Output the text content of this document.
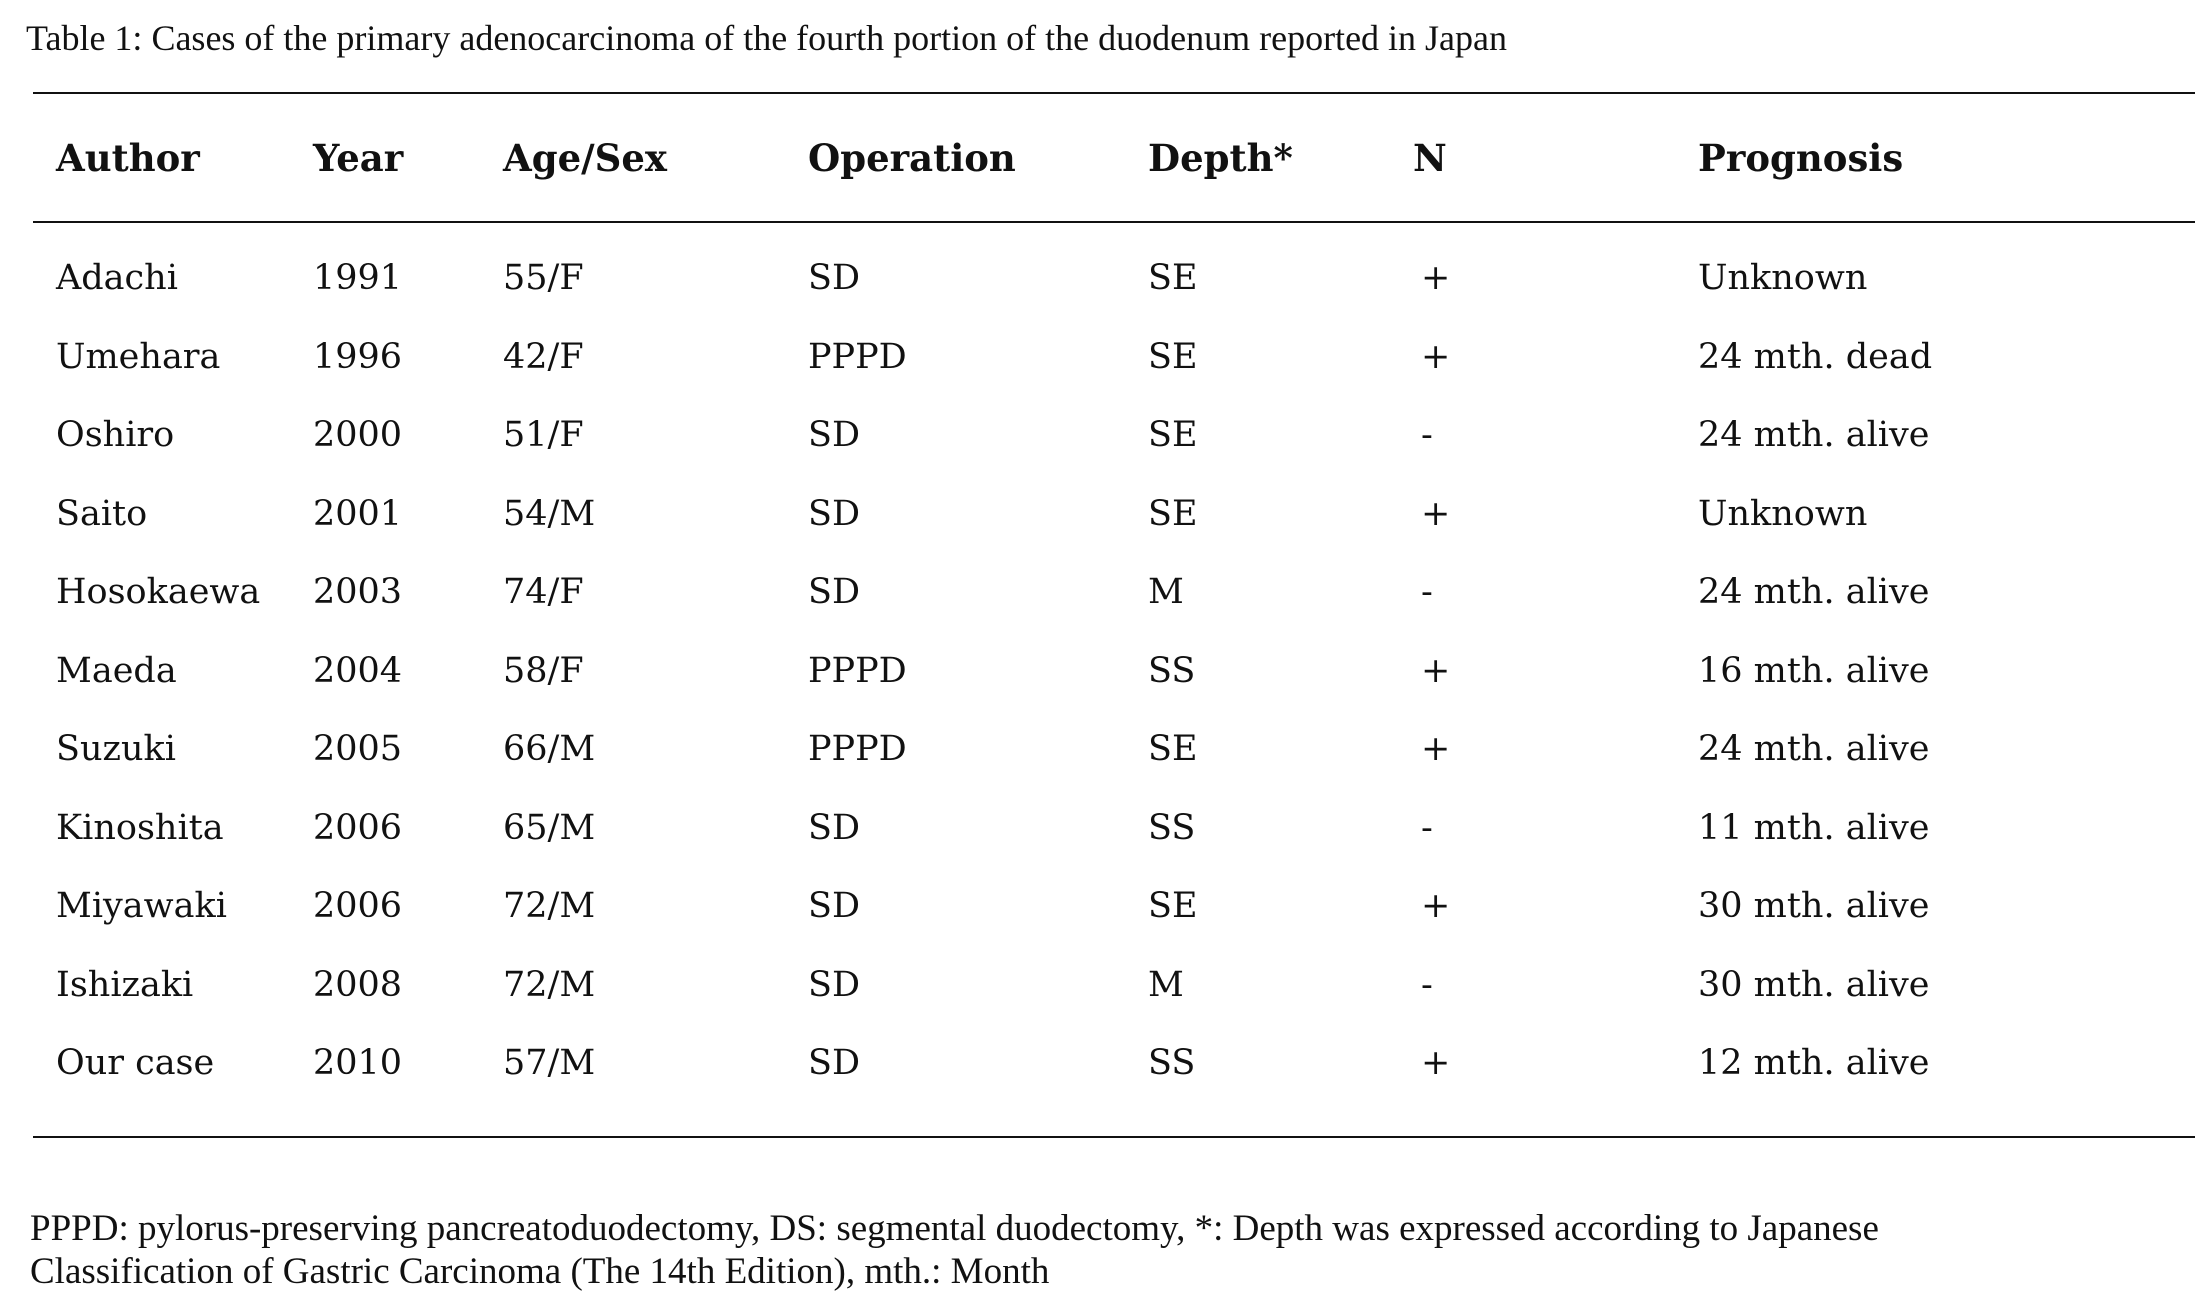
Table 1: Cases of the primary adenocarcinoma of the fourth portion of the duodenum reported in Japan
Author	Year	Age/Sex	Operation	Depth*	N	Prognosis
Adachi	1991	55/F	SD	SE	+	Unknown
Umehara	1996	42/F	PPPD	SE	+	24 mth. dead
Oshiro	2000	51/F	SD	SE	-	24 mth. alive
Saito	2001	54/M	SD	SE	+	Unknown
Hosokaewa	2003	74/F	SD	M	-	24 mth. alive
Maeda	2004	58/F	PPPD	SS	+	16 mth. alive
Suzuki	2005	66/M	PPPD	SE	+	24 mth. alive
Kinoshita	2006	65/M	SD	SS	-	11 mth. alive
Miyawaki	2006	72/M	SD	SE	+	30 mth. alive
Ishizaki	2008	72/M	SD	M	-	30 mth. alive
Our case	2010	57/M	SD	SS	+	12 mth. alive
PPPD: pylorus-preserving pancreatoduodectomy, DS: segmental duodectomy, *: Depth was expressed according to Japanese
Classification of Gastric Carcinoma (The 14th Edition), mth.: Month
